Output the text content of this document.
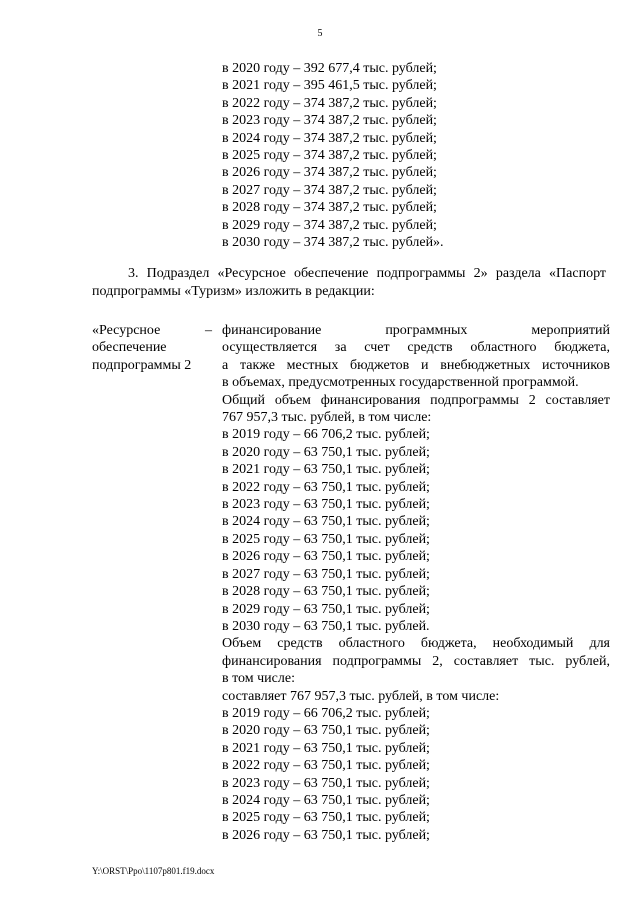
5
в 2020 году – 392 677,4 тыс. рублей;
в 2021 году – 395 461,5 тыс. рублей;
в 2022 году – 374 387,2 тыс. рублей;
в 2023 году – 374 387,2 тыс. рублей;
в 2024 году – 374 387,2 тыс. рублей;
в 2025 году – 374 387,2 тыс. рублей;
в 2026 году – 374 387,2 тыс. рублей;
в 2027 году – 374 387,2 тыс. рублей;
в 2028 году – 374 387,2 тыс. рублей;
в 2029 году – 374 387,2 тыс. рублей;
в 2030 году – 374 387,2 тыс. рублей».
3. Подраздел «Ресурсное обеспечение подпрограммы 2» раздела «Паспорт
подпрограммы «Туризм» изложить в редакции:
«Ресурсное	–
обеспечение
подпрограммы 2
финансирование программных мероприятий
осуществляется за счет средств областного бюджета,
а также местных бюджетов и внебюджетных источников
в объемах, предусмотренных государственной программой.
Общий объем финансирования подпрограммы 2 составляет
767 957,3 тыс. рублей, в том числе:
в 2019 году – 66 706,2 тыс. рублей;
в 2020 году – 63 750,1 тыс. рублей;
в 2021 году – 63 750,1 тыс. рублей;
в 2022 году – 63 750,1 тыс. рублей;
в 2023 году – 63 750,1 тыс. рублей;
в 2024 году – 63 750,1 тыс. рублей;
в 2025 году – 63 750,1 тыс. рублей;
в 2026 году – 63 750,1 тыс. рублей;
в 2027 году – 63 750,1 тыс. рублей;
в 2028 году – 63 750,1 тыс. рублей;
в 2029 году – 63 750,1 тыс. рублей;
в 2030 году – 63 750,1 тыс. рублей.
Объем средств областного бюджета, необходимый для
финансирования подпрограммы 2, составляет тыс. рублей,
в том числе:
составляет 767 957,3 тыс. рублей, в том числе:
в 2019 году – 66 706,2 тыс. рублей;
в 2020 году – 63 750,1 тыс. рублей;
в 2021 году – 63 750,1 тыс. рублей;
в 2022 году – 63 750,1 тыс. рублей;
в 2023 году – 63 750,1 тыс. рублей;
в 2024 году – 63 750,1 тыс. рублей;
в 2025 году – 63 750,1 тыс. рублей;
в 2026 году – 63 750,1 тыс. рублей;
Y:\ORST\Ppo\1107p801.f19.docx
